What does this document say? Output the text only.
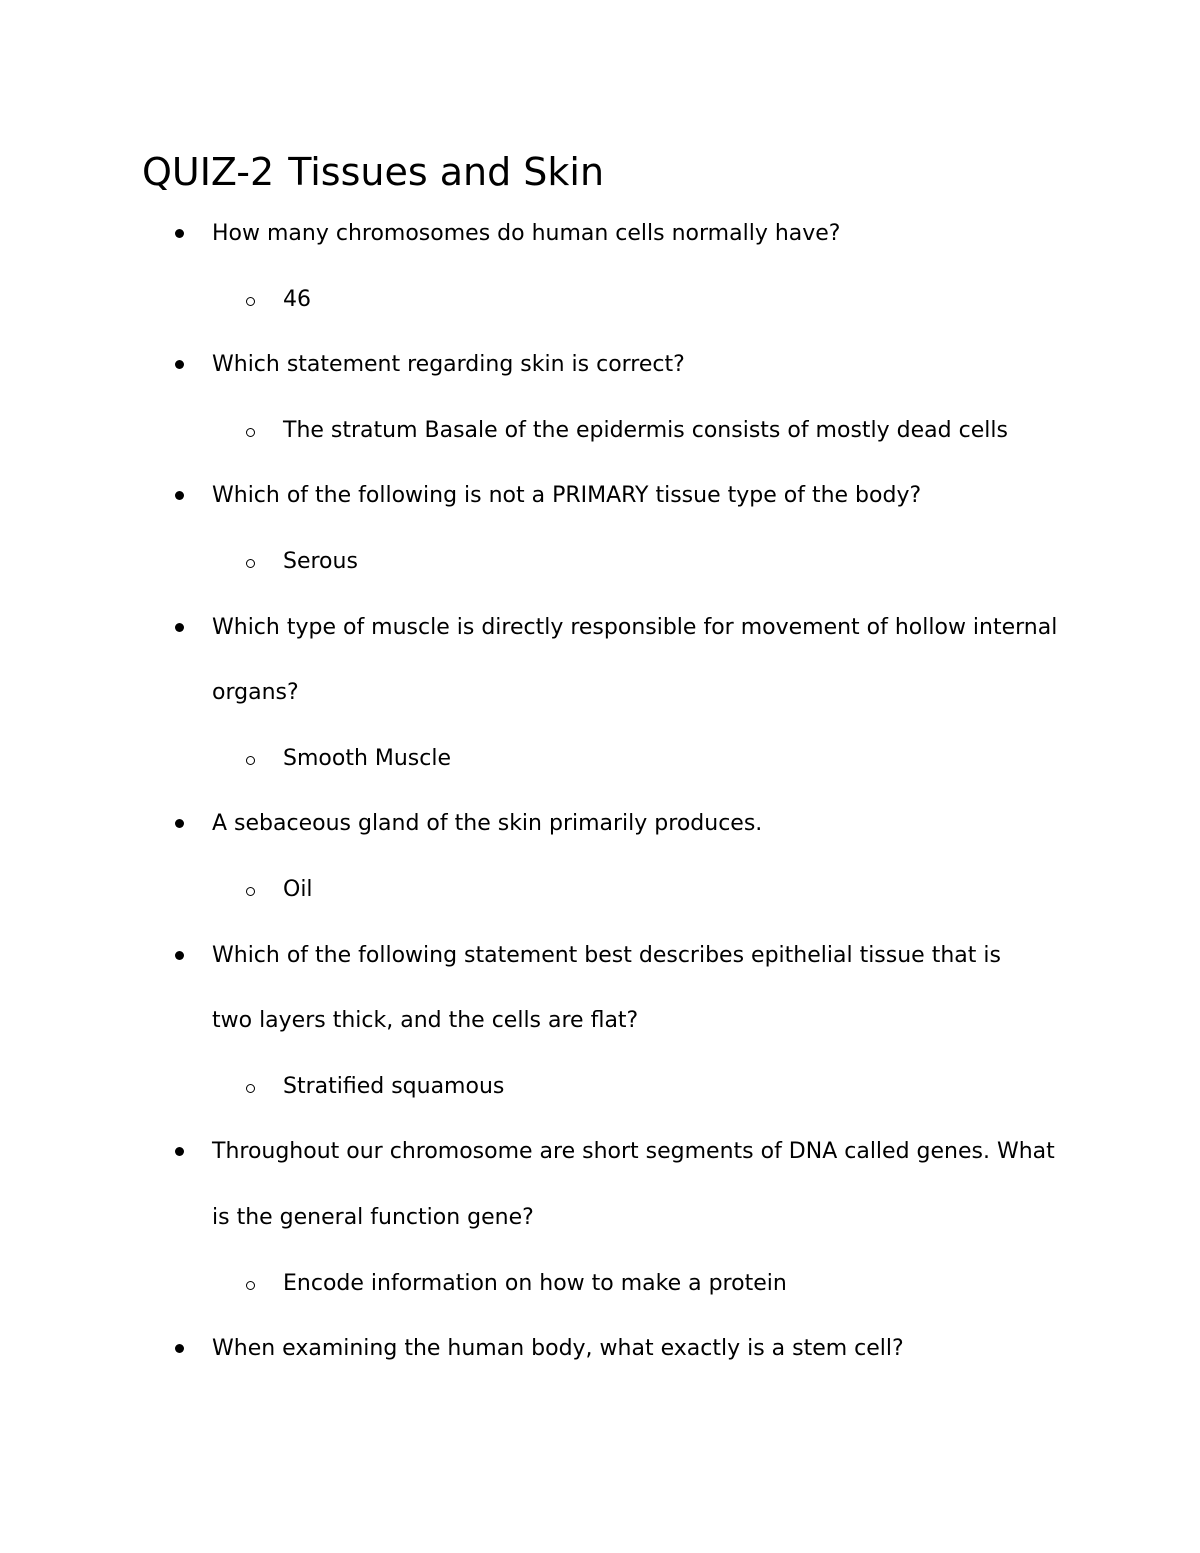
QUIZ-2 Tissues and Skin
How many chromosomes do human cells normally have?
46
Which statement regarding skin is correct?
The stratum Basale of the epidermis consists of mostly dead cells
Which of the following is not a PRIMARY tissue type of the body?
Serous
Which type of muscle is directly responsible for movement of hollow internal
organs?
Smooth Muscle
A sebaceous gland of the skin primarily produces.
Oil
Which of the following statement best describes epithelial tissue that is
two layers thick, and the cells are flat?
Stratified squamous
Throughout our chromosome are short segments of DNA called genes. What
is the general function gene?
Encode information on how to make a protein
When examining the human body, what exactly is a stem cell?
